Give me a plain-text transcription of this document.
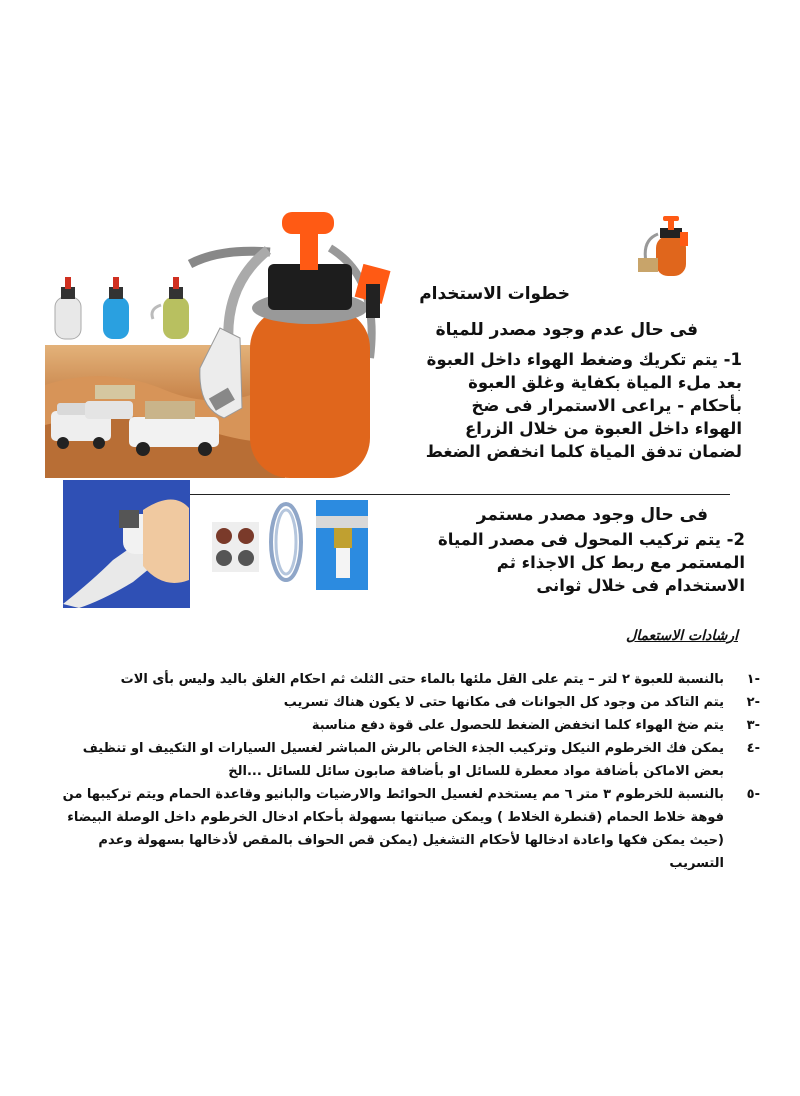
خطوات الاستخدام
فى حال عدم وجود مصدر للمياة
1- يتم تكريك وضغط الهواء داخل العبوة بعد ملء المياة بكفاية وغلق العبوة بأحكام - يراعى الاستمرار فى ضخ الهواء داخل العبوة من خلال الزراع لضمان تدفق المياة كلما انخفض الضغط
فى حال وجود مصدر مستمر
2- يتم تركيب المحول فى مصدر المياة المستمر مع ربط كل الاجذاء ثم الاستخدام فى خلال ثوانى
ارشادات الاستعمال
-١
بالنسبة للعبوة ٢ لتر – يتم على القل ملئها بالماء حتى الثلث ثم احكام الغلق باليد وليس بأى الات
-٢
يتم التاكد من وجود كل الجوانات فى مكانها حتى لا يكون هناك تسريب
-٣
يتم ضخ الهواء كلما انخفض الضغط للحصول على قوة دفع مناسبة
-٤
يمكن فك الخرطوم النيكل وتركيب الجذء الخاص بالرش المباشر لغسيل السيارات او التكييف او تنظيف بعض الاماكن بأضافة مواد معطرة للسائل او بأضافة صابون سائل للسائل ...الخ
-٥
بالنسبة للخرطوم ٣ متر ٦ مم يستخدم لغسيل الحوائط والارضيات والبانيو وقاعدة الحمام ويتم تركيبها من فوهة خلاط الحمام (قنطرة الخلاط ) ويمكن صيانتها بسهولة بأحكام ادخال الخرطوم داخل الوصلة البيضاء (حيث يمكن فكها واعادة ادخالها لأحكام التشغيل (يمكن قص الحواف بالمقص لأدخالها بسهولة وعدم التسريب
